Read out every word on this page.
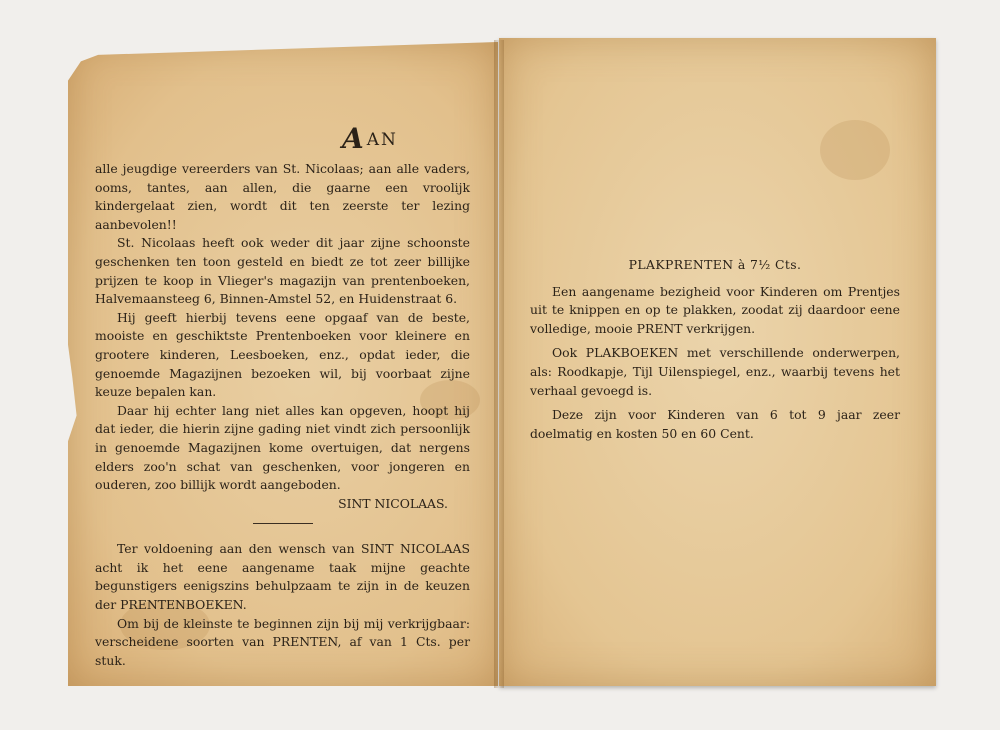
AAN

alle jeugdige vereerders van St. Nicolaas; aan alle vaders, ooms, tantes, aan allen, die gaarne een vroolijk kindergelaat zien, wordt dit ten zeerste ter lezing aanbevolen!!

St. Nicolaas heeft ook weder dit jaar zijne schoonste geschenken ten toon gesteld en biedt ze tot zeer billijke prijzen te koop in Vlieger's magazijn van prentenboeken, Halvemaansteeg 6, Binnen-Amstel 52, en Huidenstraat 6.

Hij geeft hierbij tevens eene opgaaf van de beste, mooiste en geschiktste Prentenboeken voor kleinere en grootere kinderen, Leesboeken, enz., opdat ieder, die genoemde Magazijnen bezoeken wil, bij voorbaat zijne keuze bepalen kan.

Daar hij echter lang niet alles kan opgeven, hoopt hij dat ieder, die hierin zijne gading niet vindt zich persoonlijk in genoemde Magazijnen kome overtuigen, dat nergens elders zoo'n schat van geschenken, voor jongeren en ouderen, zoo billijk wordt aangeboden.

SINT NICOLAAS.

Ter voldoening aan den wensch van SINT NICOLAAS acht ik het eene aangename taak mijne geachte begunstigers eenigszins behulpzaam te zijn in de keuzen der PRENTENBOEKEN.

Om bij de kleinste te beginnen zijn bij mij verkrijgbaar: verscheidene soorten van PRENTEN, af van 1 Cts. per stuk.

PLAKPRENTEN à 7½ Cts.

Een aangename bezigheid voor Kinderen om Prentjes uit te knippen en op te plakken, zoodat zij daardoor eene volledige, mooie PRENT verkrijgen.

Ook PLAKBOEKEN met verschillende onderwerpen, als: Roodkapje, Tijl Uilenspiegel, enz., waarbij tevens het verhaal gevoegd is.

Deze zijn voor Kinderen van 6 tot 9 jaar zeer doelmatig en kosten 50 en 60 Cent.
